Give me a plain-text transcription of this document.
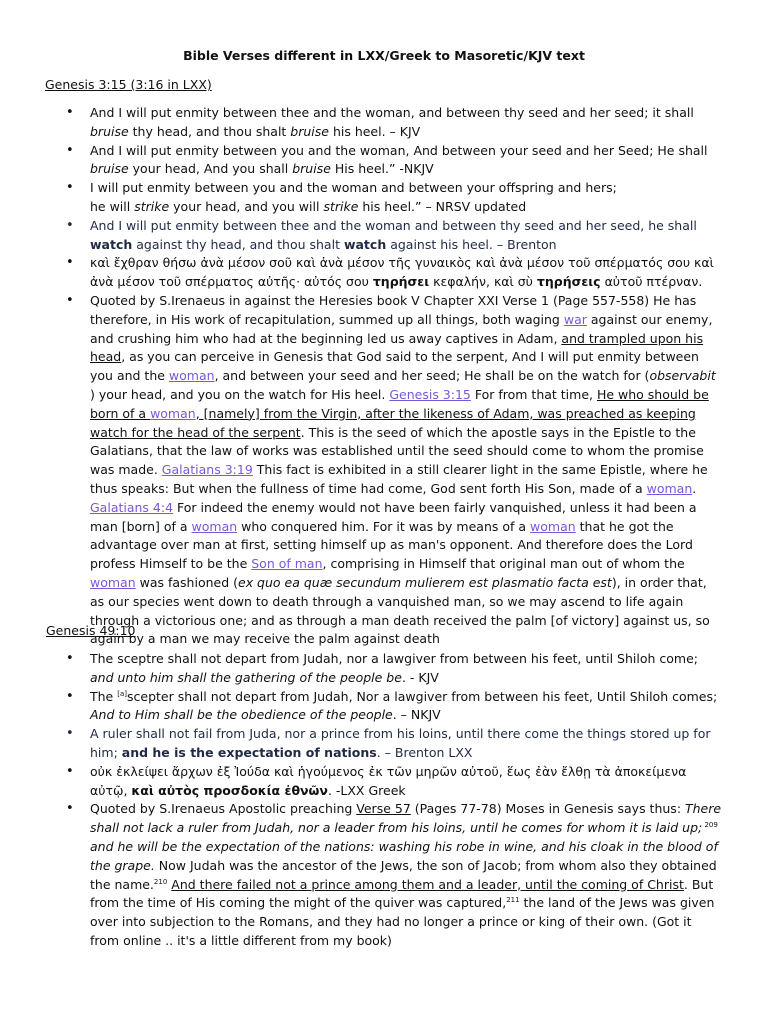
Bible Verses different in LXX/Greek to Masoretic/KJV text
Genesis 3:15 (3:16 in LXX)
• And I will put enmity between thee and the woman, and between thy seed and her seed; it shall bruise thy head, and thou shalt bruise his heel. – KJV
• And I will put enmity between you and the woman, And between your seed and her Seed; He shall bruise your head, And you shall bruise His heel.” -NKJV
• I will put enmity between you and the woman and between your offspring and hers;
he will strike your head, and you will strike his heel.” – NRSV updated
• And I will put enmity between thee and the woman and between thy seed and her seed, he shall watch against thy head, and thou shalt watch against his heel. – Brenton
• καὶ ἔχθραν θήσω ἀνὰ μέσον σοῦ καὶ ἀνὰ μέσον τῆς γυναικὸς καὶ ἀνὰ μέσον τοῦ σπέρματός σου καὶ ἀνὰ μέσον τοῦ σπέρματος αὐτῆς· αὐτός σου τηρήσει κεφαλήν, καὶ σὺ τηρήσεις αὐτοῦ πτέρναν.
• Quoted by S.Irenaeus in against the Heresies book V Chapter XXI Verse 1 (Page 557-558) He has therefore, in His work of recapitulation, summed up all things, both waging war against our enemy, and crushing him who had at the beginning led us away captives in Adam, and trampled upon his head, as you can perceive in Genesis that God said to the serpent, And I will put enmity between you and the woman, and between your seed and her seed; He shall be on the watch for (observabit ) your head, and you on the watch for His heel. Genesis 3:15 For from that time, He who should be born of a woman, [namely] from the Virgin, after the likeness of Adam, was preached as keeping watch for the head of the serpent. This is the seed of which the apostle says in the Epistle to the Galatians, that the law of works was established until the seed should come to whom the promise was made. Galatians 3:19 This fact is exhibited in a still clearer light in the same Epistle, where he thus speaks: But when the fullness of time had come, God sent forth His Son, made of a woman. Galatians 4:4 For indeed the enemy would not have been fairly vanquished, unless it had been a man [born] of a woman who conquered him. For it was by means of a woman that he got the advantage over man at first, setting himself up as man's opponent. And therefore does the Lord profess Himself to be the Son of man, comprising in Himself that original man out of whom the woman was fashioned (ex quo ea quæ secundum mulierem est plasmatio facta est), in order that, as our species went down to death through a vanquished man, so we may ascend to life again through a victorious one; and as through a man death received the palm [of victory] against us, so again by a man we may receive the palm against death
Genesis 49:10
• The sceptre shall not depart from Judah, nor a lawgiver from between his feet, until Shiloh come; and unto him shall the gathering of the people be. - KJV
• The [a]scepter shall not depart from Judah, Nor a lawgiver from between his feet, Until Shiloh comes; And to Him shall be the obedience of the people. – NKJV
• A ruler shall not fail from Juda, nor a prince from his loins, until there come the things stored up for him; and he is the expectation of nations. – Brenton LXX
• οὐκ ἐκλείψει ἄρχων ἐξ Ἰούδα καὶ ἡγούμενος ἐκ τῶν μηρῶν αὐτοῦ, ἕως ἐὰν ἔλθῃ τὰ ἀποκείμενα αὐτῷ, καὶ αὐτὸς προσδοκία ἐθνῶν. -LXX Greek
• Quoted by S.Irenaeus Apostolic preaching Verse 57 (Pages 77-78) Moses in Genesis says thus: There shall not lack a ruler from Judah, nor a leader from his loins, until he comes for whom it is laid up; $^{209}$ and he will be the expectation of the nations: washing his robe in wine, and his cloak in the blood of the grape. Now Judah was the ancestor of the Jews, the son of Jacob; from whom also they obtained the name.$^{210}$ And there failed not a prince among them and a leader, until the coming of Christ. But from the time of His coming the might of the quiver was captured,$^{211}$ the land of the Jews was given over into subjection to the Romans, and they had no longer a prince or king of their own. (Got it from online .. it's a little different from my book)
